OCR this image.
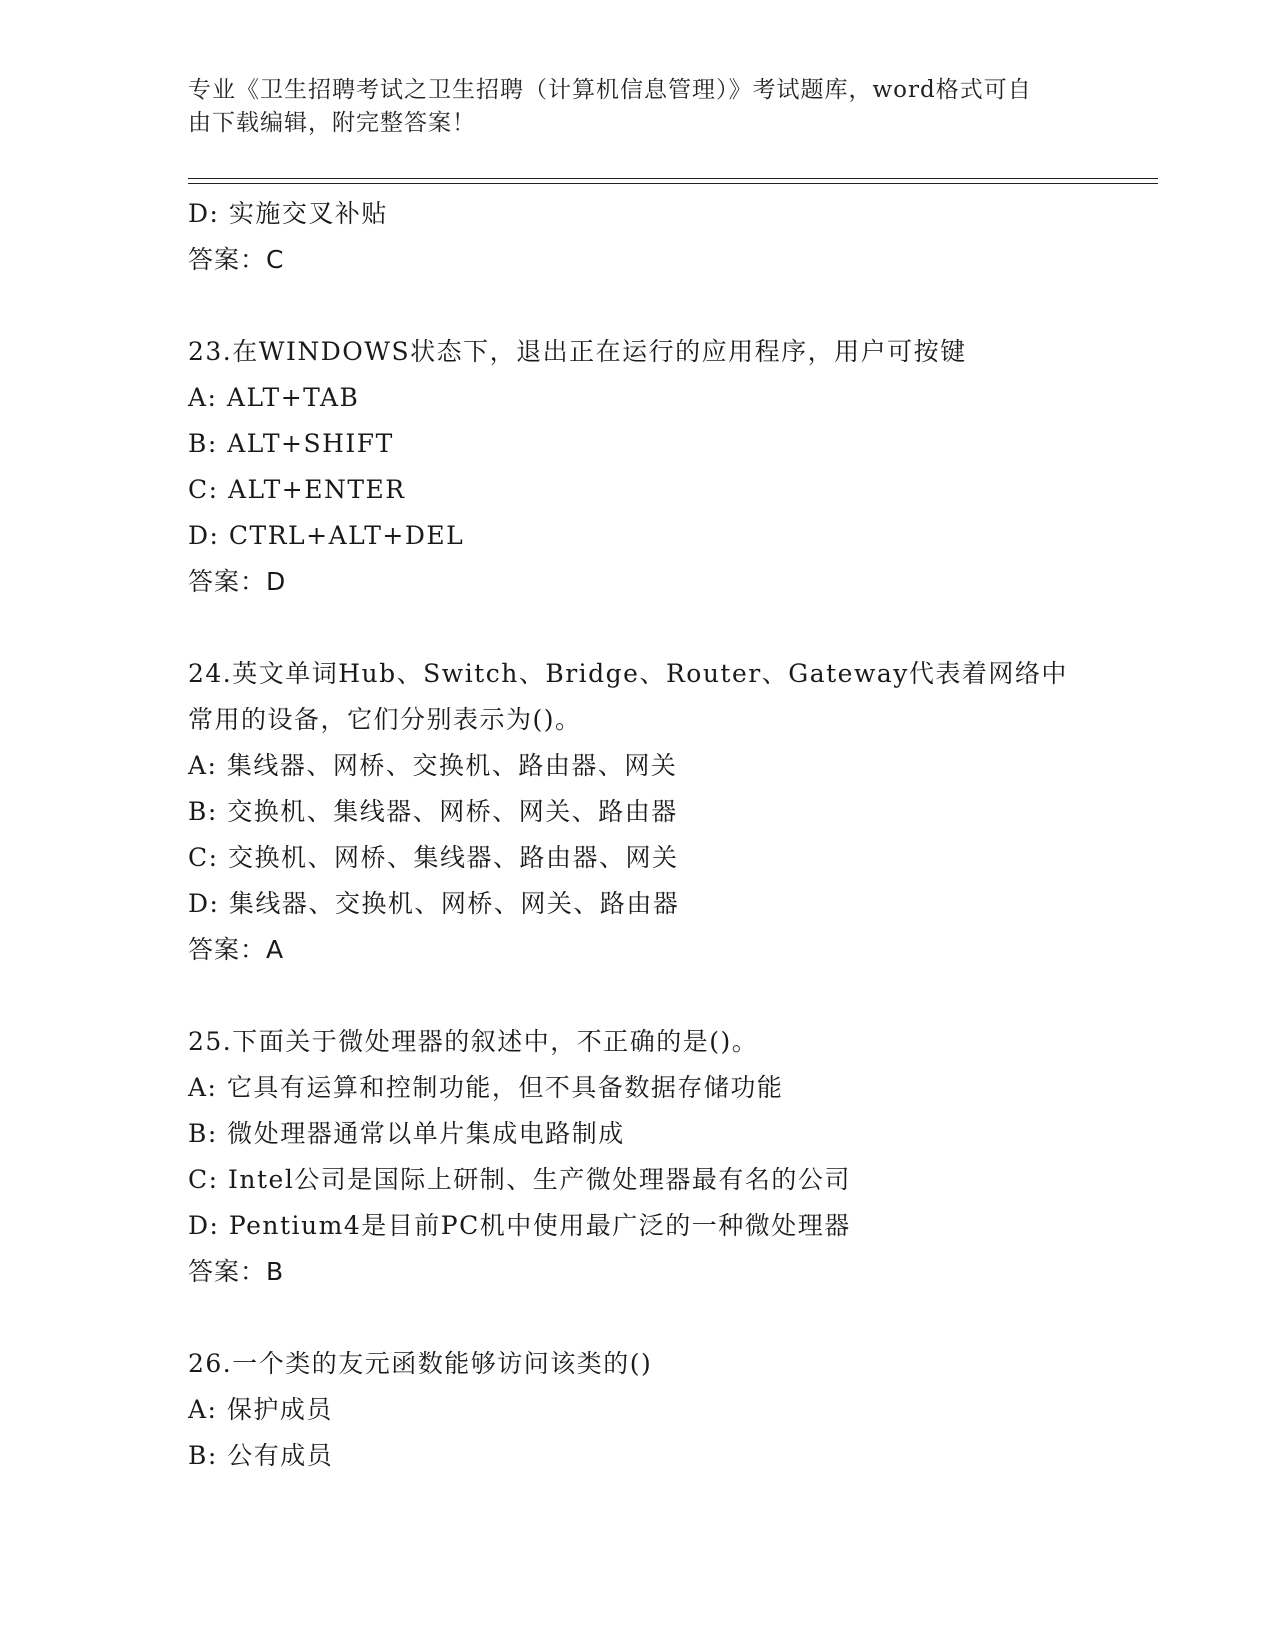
专业《卫生招聘考试之卫生招聘（计算机信息管理）》考试题库，word格式可自
由下载编辑，附完整答案！
D: 实施交叉补贴
答案：C
23.在WINDOWS状态下，退出正在运行的应用程序，用户可按键
A: ALT+TAB
B: ALT+SHIFT
C: ALT+ENTER
D: CTRL+ALT+DEL
答案：D
24.英文单词Hub、Switch、Bridge、Router、Gateway代表着网络中
常用的设备，它们分别表示为()。
A: 集线器、网桥、交换机、路由器、网关
B: 交换机、集线器、网桥、网关、路由器
C: 交换机、网桥、集线器、路由器、网关
D: 集线器、交换机、网桥、网关、路由器
答案：A
25.下面关于微处理器的叙述中，不正确的是()。
A: 它具有运算和控制功能，但不具备数据存储功能
B: 微处理器通常以单片集成电路制成
C: Intel公司是国际上研制、生产微处理器最有名的公司
D: Pentium4是目前PC机中使用最广泛的一种微处理器
答案：B
26.一个类的友元函数能够访问该类的()
A: 保护成员
B: 公有成员
